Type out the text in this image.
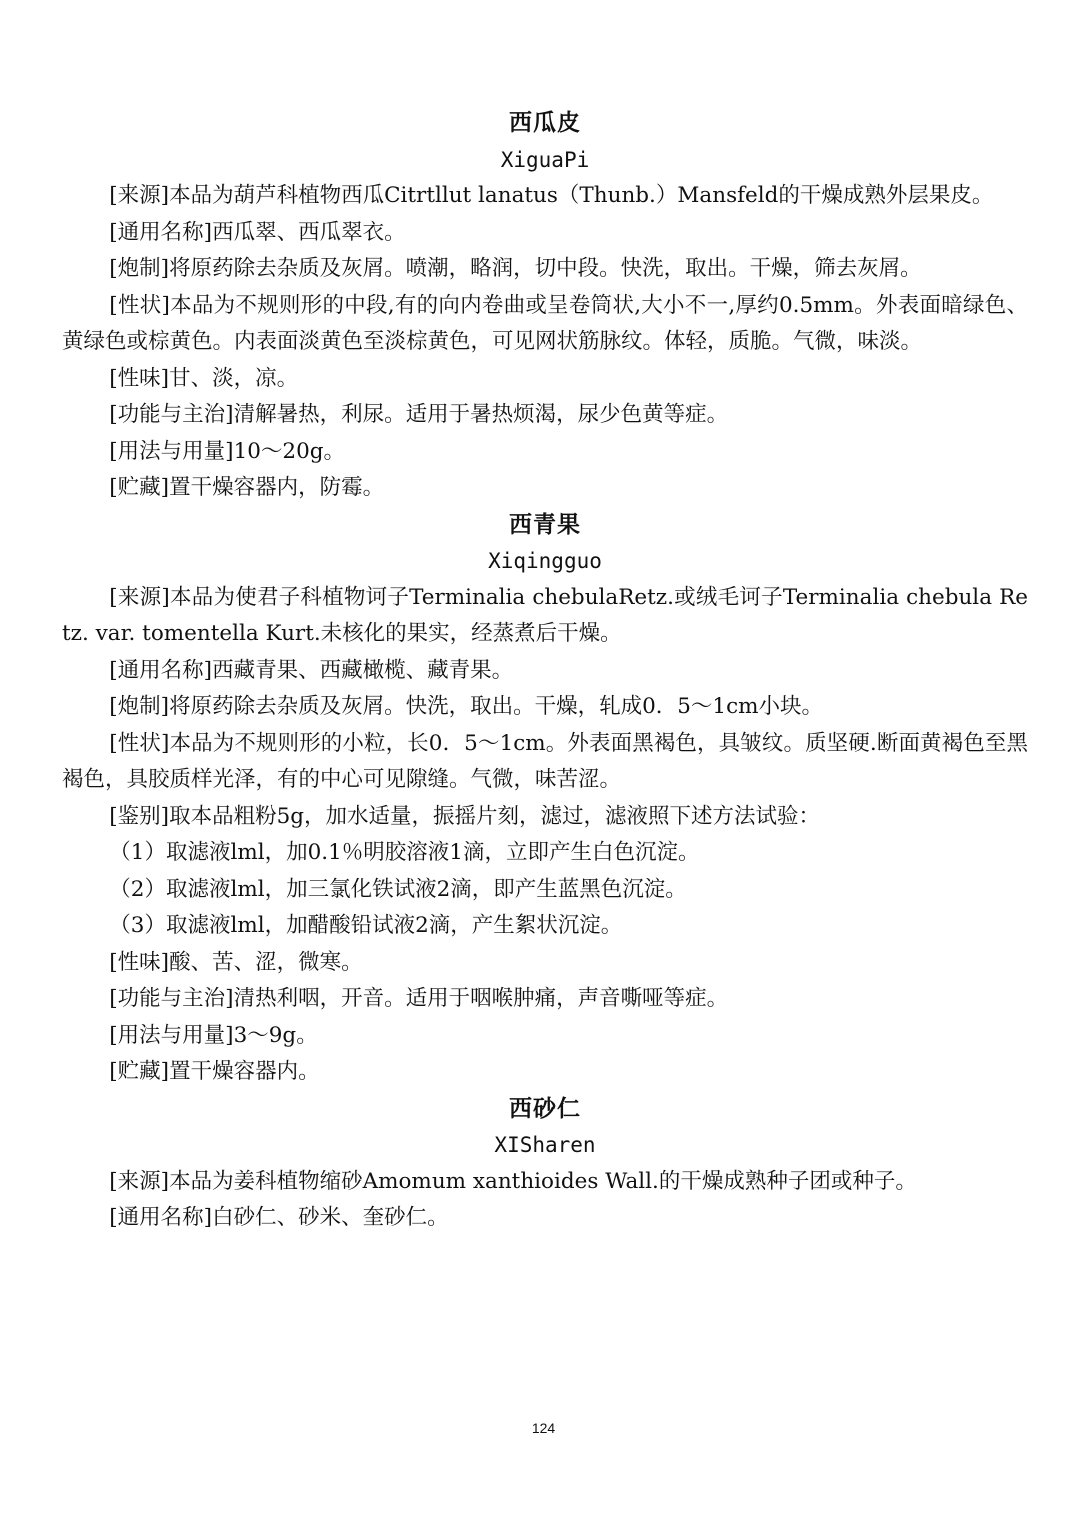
西瓜皮
XiguaPi

[来源]本品为葫芦科植物西瓜Citrtllut lanatus（Thunb.）Mansfeld的干燥成熟外层果皮。

[通用名称]西瓜翠、西瓜翠衣。

[炮制]将原药除去杂质及灰屑。喷潮，略润，切中段。快洗，取出。干燥，筛去灰屑。

[性状]本品为不规则形的中段,有的向内卷曲或呈卷筒状,大小不一,厚约0.5mm。外表面暗绿色、黄绿色或棕黄色。内表面淡黄色至淡棕黄色，可见网状筋脉纹。体轻，质脆。气微，味淡。

[性味]甘、淡，凉。

[功能与主治]清解暑热，利尿。适用于暑热烦渴，尿少色黄等症。

[用法与用量]10～20g。

[贮藏]置干燥容器内，防霉。

西青果
Xiqingguo

[来源]本品为使君子科植物诃子Terminalia chebulaRetz.或绒毛诃子Terminalia chebula Retz. var. tomentella Kurt.未核化的果实，经蒸煮后干燥。

[通用名称]西藏青果、西藏橄榄、藏青果。

[炮制]将原药除去杂质及灰屑。快洗，取出。干燥，轧成0．5～1cm小块。

[性状]本品为不规则形的小粒，长0．5～1cm。外表面黑褐色，具皱纹。质坚硬.断面黄褐色至黑褐色，具胶质样光泽，有的中心可见隙缝。气微，味苦涩。

[鉴别]取本品粗粉5g，加水适量，振摇片刻，滤过，滤液照下述方法试验：

（1）取滤液lml，加0.1％明胶溶液1滴，立即产生白色沉淀。

（2）取滤液lml，加三氯化铁试液2滴，即产生蓝黑色沉淀。

（3）取滤液lml，加醋酸铅试液2滴，产生絮状沉淀。

[性味]酸、苦、涩，微寒。

[功能与主治]清热利咽，开音。适用于咽喉肿痛，声音嘶哑等症。

[用法与用量]3～9g。

[贮藏]置干燥容器内。

西砂仁
XISharen

[来源]本品为姜科植物缩砂Amomum xanthioides Wall.的干燥成熟种子团或种子。

[通用名称]白砂仁、砂米、奎砂仁。

124
